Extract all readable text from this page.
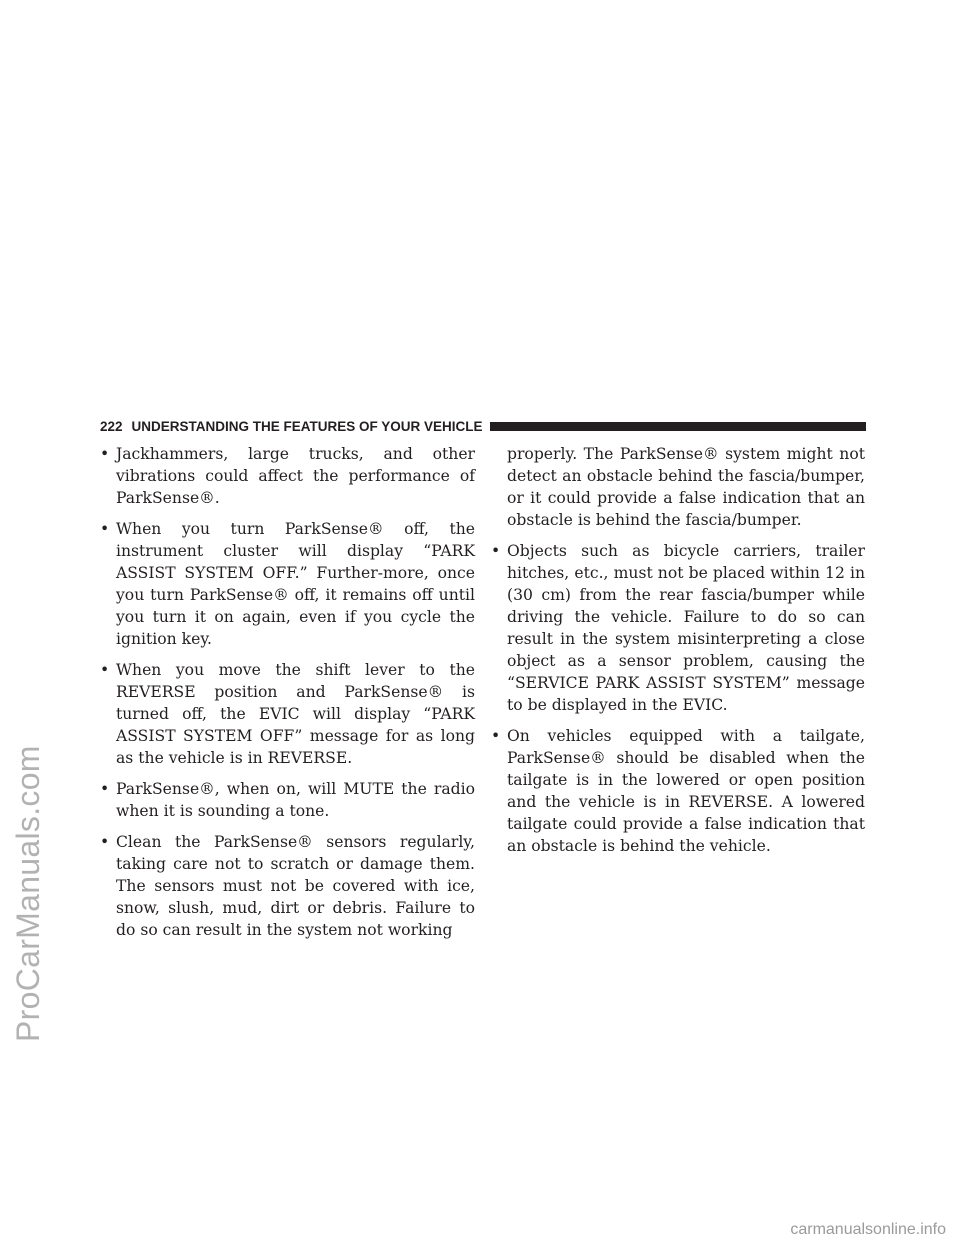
ProCarManuals.com
222 UNDERSTANDING THE FEATURES OF YOUR VEHICLE
• Jackhammers, large trucks, and other vibrations could affect the performance of ParkSense®.
• When you turn ParkSense® off, the instrument cluster will display “PARK ASSIST SYSTEM OFF.” Further-more, once you turn ParkSense® off, it remains off until you turn it on again, even if you cycle the ignition key.
• When you move the shift lever to the REVERSE position and ParkSense® is turned off, the EVIC will display “PARK ASSIST SYSTEM OFF” message for as long as the vehicle is in REVERSE.
• ParkSense®, when on, will MUTE the radio when it is sounding a tone.
• Clean the ParkSense® sensors regularly, taking care not to scratch or damage them. The sensors must not be covered with ice, snow, slush, mud, dirt or debris. Failure to do so can result in the system not working
properly. The ParkSense® system might not detect an obstacle behind the fascia/bumper, or it could provide a false indication that an obstacle is behind the fascia/bumper.
• Objects such as bicycle carriers, trailer hitches, etc., must not be placed within 12 in (30 cm) from the rear fascia/bumper while driving the vehicle. Failure to do so can result in the system misinterpreting a close object as a sensor problem, causing the “SERVICE PARK ASSIST SYSTEM” message to be displayed in the EVIC.
• On vehicles equipped with a tailgate, ParkSense® should be disabled when the tailgate is in the lowered or open position and the vehicle is in REVERSE. A lowered tailgate could provide a false indication that an obstacle is behind the vehicle.
carmanualsonline.info
